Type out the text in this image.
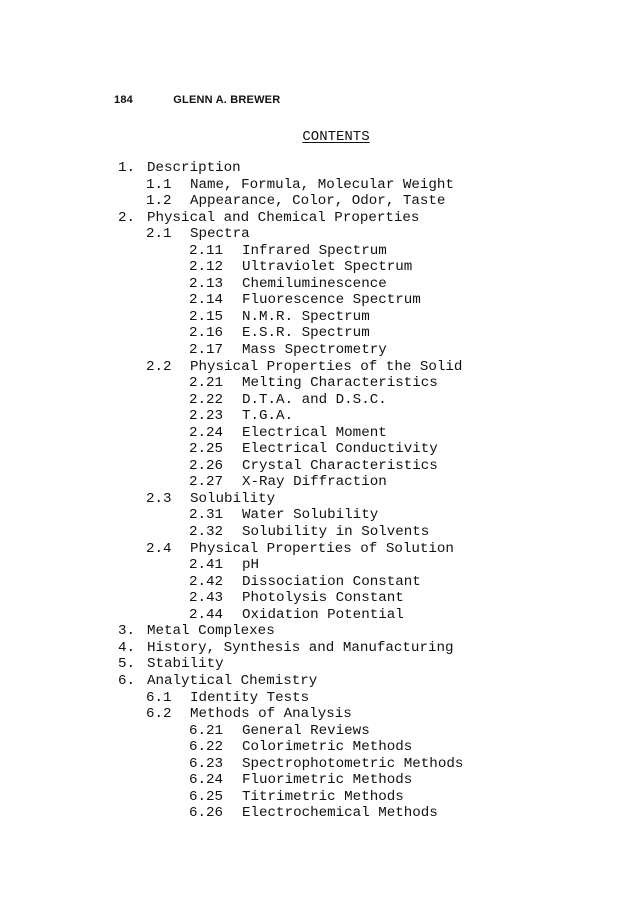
184	GLENN A. BREWER
CONTENTS
1. Description
1.1 Name, Formula, Molecular Weight
1.2 Appearance, Color, Odor, Taste
2. Physical and Chemical Properties
2.1 Spectra
2.11 Infrared Spectrum
2.12 Ultraviolet Spectrum
2.13 Chemiluminescence
2.14 Fluorescence Spectrum
2.15 N.M.R. Spectrum
2.16 E.S.R. Spectrum
2.17 Mass Spectrometry
2.2 Physical Properties of the Solid
2.21 Melting Characteristics
2.22 D.T.A. and D.S.C.
2.23 T.G.A.
2.24 Electrical Moment
2.25 Electrical Conductivity
2.26 Crystal Characteristics
2.27 X-Ray Diffraction
2.3 Solubility
2.31 Water Solubility
2.32 Solubility in Solvents
2.4 Physical Properties of Solution
2.41 pH
2.42 Dissociation Constant
2.43 Photolysis Constant
2.44 Oxidation Potential
3. Metal Complexes
4. History, Synthesis and Manufacturing
5. Stability
6. Analytical Chemistry
6.1 Identity Tests
6.2 Methods of Analysis
6.21 General Reviews
6.22 Colorimetric Methods
6.23 Spectrophotometric Methods
6.24 Fluorimetric Methods
6.25 Titrimetric Methods
6.26 Electrochemical Methods
